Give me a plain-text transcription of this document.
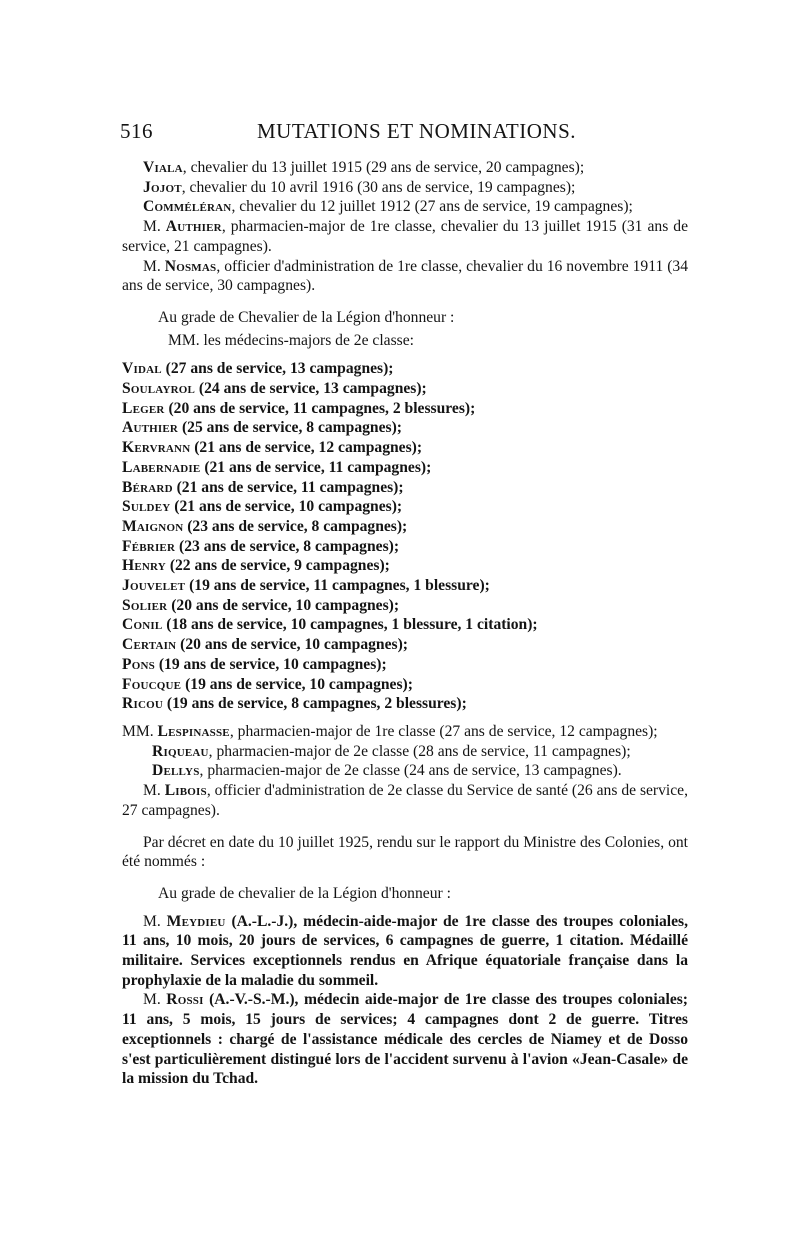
516	MUTATIONS ET NOMINATIONS.

Viala, chevalier du 13 juillet 1915 (29 ans de service, 20 campagnes);

Jojot, chevalier du 10 avril 1916 (30 ans de service, 19 campagnes);

Comméléran, chevalier du 12 juillet 1912 (27 ans de service, 19 campagnes);

M. Authier, pharmacien-major de 1re classe, chevalier du 13 juillet 1915 (31 ans de service, 21 campagnes).

M. Nosmas, officier d'administration de 1re classe, chevalier du 16 novembre 1911 (34 ans de service, 30 campagnes).

Au grade de Chevalier de la Légion d'honneur :

MM. les médecins-majors de 2e classe:

Vidal (27 ans de service, 13 campagnes);

Soulayrol (24 ans de service, 13 campagnes);

Leger (20 ans de service, 11 campagnes, 2 blessures);

Authier (25 ans de service, 8 campagnes);

Kervrann (21 ans de service, 12 campagnes);

Labernadie (21 ans de service, 11 campagnes);

Bérard (21 ans de service, 11 campagnes);

Suldey (21 ans de service, 10 campagnes);

Maignon (23 ans de service, 8 campagnes);

Fébrier (23 ans de service, 8 campagnes);

Henry (22 ans de service, 9 campagnes);

Jouvelet (19 ans de service, 11 campagnes, 1 blessure);

Solier (20 ans de service, 10 campagnes);

Conil (18 ans de service, 10 campagnes, 1 blessure, 1 citation);

Certain (20 ans de service, 10 campagnes);

Pons (19 ans de service, 10 campagnes);

Foucque (19 ans de service, 10 campagnes);

Ricou (19 ans de service, 8 campagnes, 2 blessures);

MM. Lespinasse, pharmacien-major de 1re classe (27 ans de service, 12 campagnes);

Riqueau, pharmacien-major de 2e classe (28 ans de service, 11 campagnes);

Dellys, pharmacien-major de 2e classe (24 ans de service, 13 campagnes).

M. Libois, officier d'administration de 2e classe du Service de santé (26 ans de service, 27 campagnes).

Par décret en date du 10 juillet 1925, rendu sur le rapport du Ministre des Colonies, ont été nommés :

Au grade de chevalier de la Légion d'honneur :

M. Meydieu (A.-L.-J.), médecin-aide-major de 1re classe des troupes coloniales, 11 ans, 10 mois, 20 jours de services, 6 campagnes de guerre, 1 citation. Médaillé militaire. Services exceptionnels rendus en Afrique équatoriale française dans la prophylaxie de la maladie du sommeil.

M. Rossi (A.-V.-S.-M.), médecin aide-major de 1re classe des troupes coloniales; 11 ans, 5 mois, 15 jours de services; 4 campagnes dont 2 de guerre. Titres exceptionnels : chargé de l'assistance médicale des cercles de Niamey et de Dosso s'est particulièrement distingué lors de l'accident survenu à l'avion «Jean-Casale» de la mission du Tchad.
